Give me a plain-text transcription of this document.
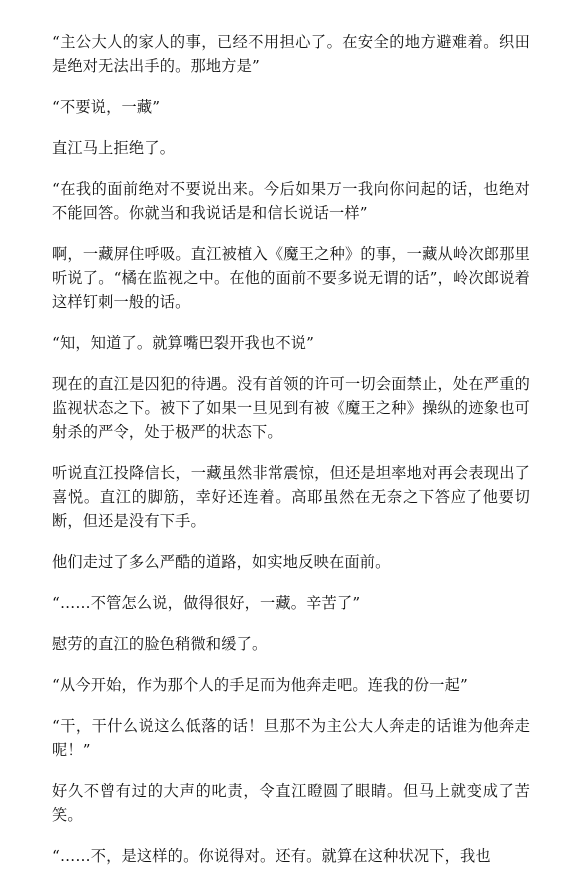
“主公大人的家人的事，已经不用担心了。在安全的地方避难着。织田是绝对无法出手的。那地方是”

“不要说，一藏”

直江马上拒绝了。

“在我的面前绝对不要说出来。今后如果万一我向你问起的话，也绝对不能回答。你就当和我说话是和信长说话一样”

啊，一藏屏住呼吸。直江被植入《魔王之种》的事，一藏从岭次郎那里听说了。“橘在监视之中。在他的面前不要多说无谓的话”，岭次郎说着这样钉刺一般的话。

“知，知道了。就算嘴巴裂开我也不说”

现在的直江是囚犯的待遇。没有首领的许可一切会面禁止，处在严重的监视状态之下。被下了如果一旦见到有被《魔王之种》操纵的迹象也可射杀的严令，处于极严的状态下。

听说直江投降信长，一藏虽然非常震惊，但还是坦率地对再会表现出了喜悦。直江的脚筋，幸好还连着。高耶虽然在无奈之下答应了他要切断，但还是没有下手。

他们走过了多么严酷的道路，如实地反映在面前。

“……不管怎么说，做得很好，一藏。辛苦了”

慰劳的直江的脸色稍微和缓了。

“从今开始，作为那个人的手足而为他奔走吧。连我的份一起”

“干，干什么说这么低落的话！旦那不为主公大人奔走的话谁为他奔走呢！”

好久不曾有过的大声的叱责，令直江瞪圆了眼睛。但马上就变成了苦笑。

“……不，是这样的。你说得对。还有。就算在这种状况下，我也
